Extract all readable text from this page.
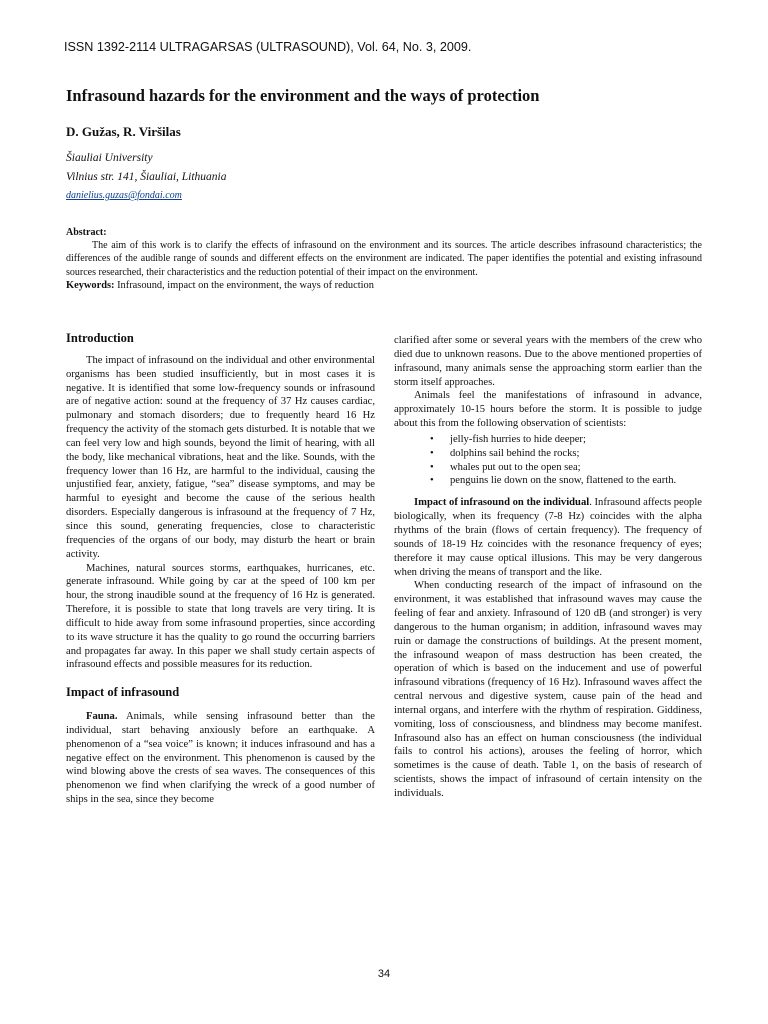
ISSN 1392-2114 ULTRAGARSAS (ULTRASOUND), Vol. 64, No. 3, 2009.
Infrasound hazards for the environment and the ways of protection
D. Gužas, R. Viršilas
Šiauliai University
Vilnius str. 141, Šiauliai, Lithuania
danielius.guzas@fondai.com
Abstract:

The aim of this work is to clarify the effects of infrasound on the environment and its sources. The article describes infrasound characteristics; the differences of the audible range of sounds and different effects on the environment are indicated. The paper identifies the potential and existing infrasound sources researched, their characteristics and the reduction potential of their impact on the environment.

Keywords: Infrasound, impact on the environment, the ways of reduction

Introduction

The impact of infrasound on the individual and other environmental organisms has been studied insufficiently, but in most cases it is negative. It is identified that some low-frequency sounds or infrasound are of negative action: sound at the frequency of 37 Hz causes cardiac, pulmonary and stomach disorders; due to frequently heard 16 Hz frequency the activity of the stomach gets disturbed. It is notable that we can feel very low and high sounds, beyond the limit of hearing, with all the body, like mechanical vibrations, heat and the like. Sounds, with the frequency lower than 16 Hz, are harmful to the individual, causing the unjustified fear, anxiety, fatigue, “sea” disease symptoms, and may be harmful to eyesight and become the cause of the serious health disorders. Especially dangerous is infrasound at the frequency of 7 Hz, since this sound, generating frequencies, close to characteristic frequencies of the organs of our body, may disturb the heart or brain activity.

Machines, natural sources storms, earthquakes, hurricanes, etc. generate infrasound. While going by car at the speed of 100 km per hour, the strong inaudible sound at the frequency of 16 Hz is generated. Therefore, it is possible to state that long travels are very tiring. It is difficult to hide away from some infrasound properties, since according to its wave structure it has the quality to go round the occurring barriers and propagates far away. In this paper we shall study certain aspects of infrasound effects and possible measures for its reduction.

Impact of infrasound

Fauna. Animals, while sensing infrasound better than the individual, start behaving anxiously before an earthquake. A phenomenon of a “sea voice” is known; it induces infrasound and has a negative effect on the environment. This phenomenon is caused by the wind blowing above the crests of sea waves. The consequences of this phenomenon we find when clarifying the wreck of a good number of ships in the sea, since they become

clarified after some or several years with the members of the crew who died due to unknown reasons. Due to the above mentioned properties of infrasound, many animals sense the approaching storm earlier than the storm itself approaches.

Animals feel the manifestations of infrasound in advance, approximately 10-15 hours before the storm. It is possible to judge about this from the following observation of scientists:

• jelly-fish hurries to hide deeper;
• dolphins sail behind the rocks;
• whales put out to the open sea;
• penguins lie down on the snow, flattened to the earth.

Impact of infrasound on the individual. Infrasound affects people biologically, when its frequency (7-8 Hz) coincides with the alpha rhythms of the brain (flows of certain frequency). The frequency of sounds of 18-19 Hz coincides with the resonance frequency of eyes; therefore it may cause optical illusions. This may be very dangerous when driving the means of transport and the like.

When conducting research of the impact of infrasound on the environment, it was established that infrasound waves may cause the feeling of fear and anxiety. Infrasound of 120 dB (and stronger) is very dangerous to the human organism; in addition, infrasound waves may ruin or damage the constructions of buildings. At the present moment, the infrasound weapon of mass destruction has been created, the operation of which is based on the inducement and use of powerful infrasound vibrations (frequency of 16 Hz). Infrasound waves affect the central nervous and digestive system, cause pain of the head and internal organs, and interfere with the rhythm of respiration. Giddiness, vomiting, loss of consciousness, and blindness may become manifest. Infrasound also has an effect on human consciousness (the individual fails to control his actions), arouses the feeling of horror, which sometimes is the cause of death. Table 1, on the basis of research of scientists, shows the impact of infrasound of certain intensity on the individuals.

34
